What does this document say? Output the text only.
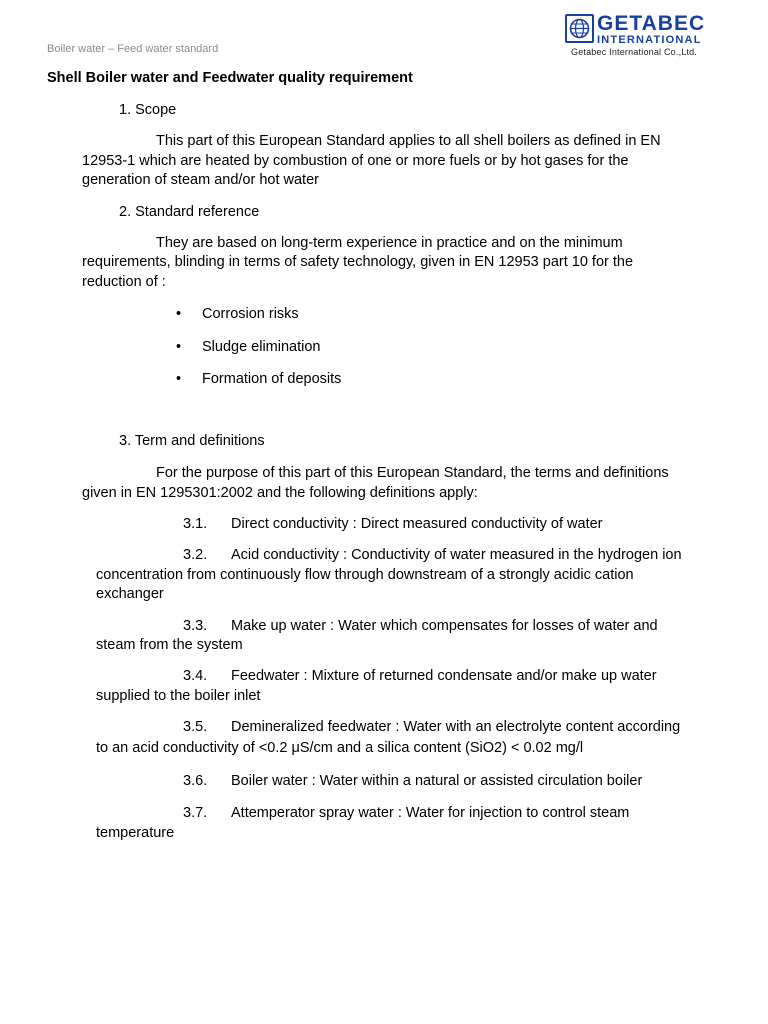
Boiler water – Feed water standard
GETABEC
INTERNATIONAL
Getabec International Co.,Ltd.
Shell Boiler water and Feedwater quality requirement
1. Scope
This part of this European Standard applies to all shell boilers as defined in EN
12953-1 which are heated by combustion of one or more fuels or by hot gases for the
generation of steam and/or hot water
2. Standard reference
They are based on long-term experience in practice and on the minimum
requirements, blinding in terms of safety technology, given in EN 12953 part 10 for the
reduction of :
• Corrosion risks
• Sludge elimination
• Formation of deposits
3. Term and definitions
For the purpose of this part of this European Standard, the terms and definitions
given in EN 1295301:2002 and the following definitions apply:
3.1. Direct conductivity : Direct measured conductivity of water
3.2. Acid conductivity : Conductivity of water measured in the hydrogen ion
concentration from continuously flow through downstream of a strongly acidic cation
exchanger
3.3. Make up water : Water which compensates for losses of water and
steam from the system
3.4. Feedwater : Mixture of returned condensate and/or make up water
supplied to the boiler inlet
3.5. Demineralized feedwater : Water with an electrolyte content according
to an acid conductivity of <0.2 μS/cm and a silica content (SiO2) < 0.02 mg/l
3.6. Boiler water : Water within a natural or assisted circulation boiler
3.7. Attemperator spray water : Water for injection to control steam
temperature
